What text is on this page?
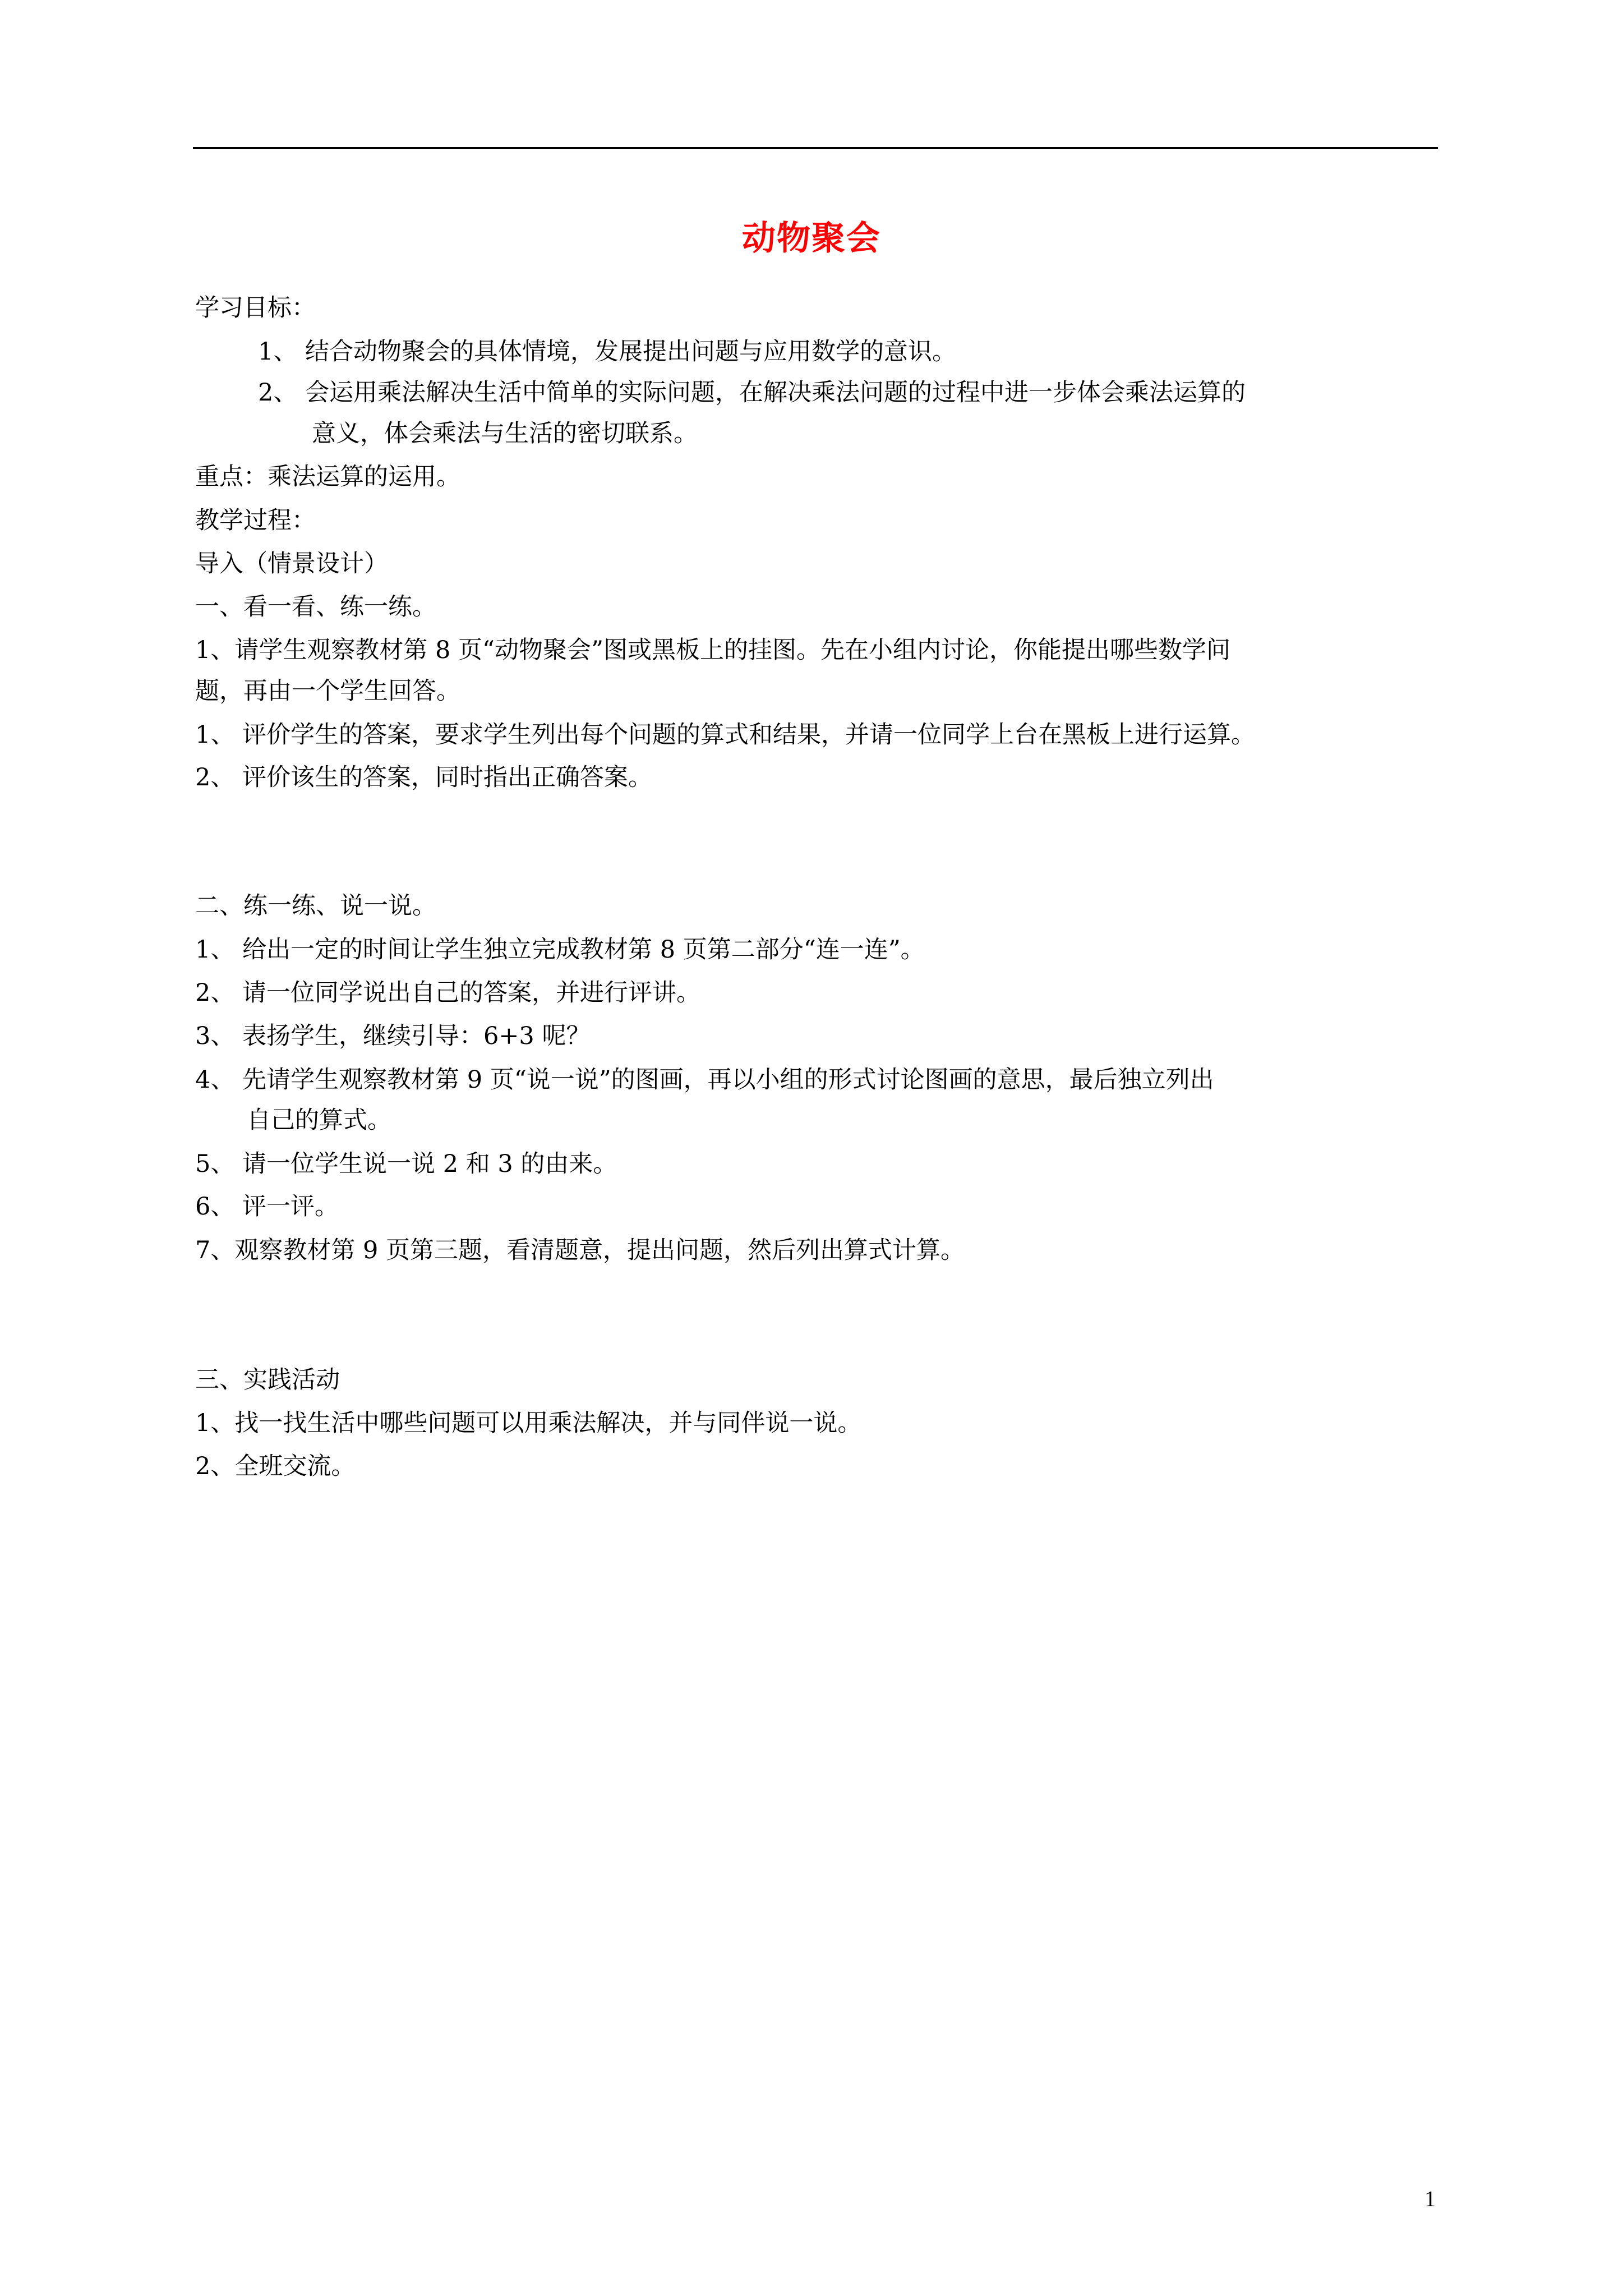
动物聚会
学习目标：
1、 结合动物聚会的具体情境，发展提出问题与应用数学的意识。
2、 会运用乘法解决生活中简单的实际问题，在解决乘法问题的过程中进一步体会乘法运算的
意义，体会乘法与生活的密切联系。
重点：乘法运算的运用。
教学过程：
导入（情景设计）
一、看一看、练一练。
1、请学生观察教材第 8 页“动物聚会”图或黑板上的挂图。先在小组内讨论，你能提出哪些数学问
题，再由一个学生回答。
1、 评价学生的答案，要求学生列出每个问题的算式和结果，并请一位同学上台在黑板上进行运算。
2、 评价该生的答案，同时指出正确答案。
二、练一练、说一说。
1、 给出一定的时间让学生独立完成教材第 8 页第二部分“连一连”。
2、 请一位同学说出自己的答案，并进行评讲。
3、 表扬学生，继续引导：6+3 呢？
4、 先请学生观察教材第 9 页“说一说”的图画，再以小组的形式讨论图画的意思，最后独立列出
自己的算式。
5、 请一位学生说一说 2 和 3 的由来。
6、 评一评。
7、观察教材第 9 页第三题，看清题意，提出问题，然后列出算式计算。
三、实践活动
1、找一找生活中哪些问题可以用乘法解决，并与同伴说一说。
2、全班交流。
1
